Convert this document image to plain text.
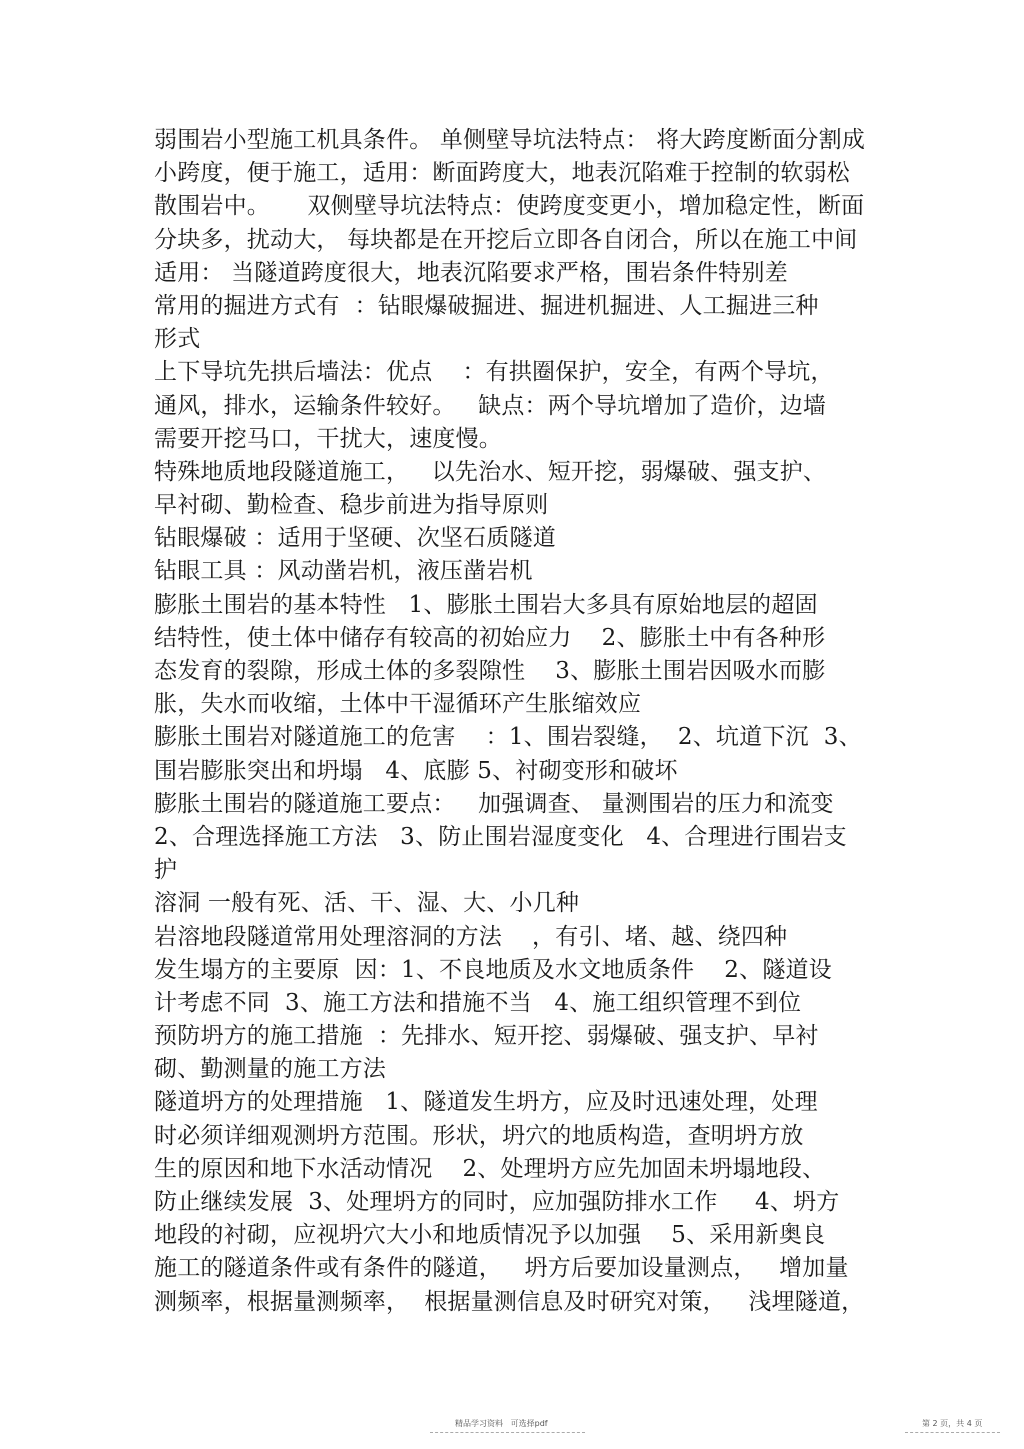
弱围岩小型施工机具条件。 单侧壁导坑法特点： 将大跨度断面分割成
小跨度，便于施工，适用：断面跨度大，地表沉陷难于控制的软弱松
散围岩中。     双侧壁导坑法特点：使跨度变更小，增加稳定性，断面
分块多，扰动大， 每块都是在开挖后立即各自闭合，所以在施工中间
适用： 当隧道跨度很大，地表沉陷要求严格，围岩条件特别差
常用的掘进方式有  ：钻眼爆破掘进、掘进机掘进、人工掘进三种
形式
上下导坑先拱后墙法：优点    ：有拱圈保护，安全，有两个导坑，
通风，排水，运输条件较好。   缺点：两个导坑增加了造价，边墙
需要开挖马口，干扰大，速度慢。
特殊地质地段隧道施工，   以先治水、短开挖，弱爆破、强支护、
早衬砌、勤检查、稳步前进为指导原则
钻眼爆破 ：适用于坚硬、次坚石质隧道
钻眼工具 ：风动凿岩机，液压凿岩机
膨胀土围岩的基本特性   1、膨胀土围岩大多具有原始地层的超固
结特性，使土体中储存有较高的初始应力    2、膨胀土中有各种形
态发育的裂隙，形成土体的多裂隙性    3、膨胀土围岩因吸水而膨
胀，失水而收缩，土体中干湿循环产生胀缩效应
膨胀土围岩对隧道施工的危害    ：1、围岩裂缝，  2、坑道下沉  3、
围岩膨胀突出和坍塌   4、底膨 5、衬砌变形和破坏
膨胀土围岩的隧道施工要点：   加强调查、 量测围岩的压力和流变
2、合理选择施工方法   3、防止围岩湿度变化   4、合理进行围岩支
护
溶洞 一般有死、活、干、湿、大、小几种
岩溶地段隧道常用处理溶洞的方法    ，有引、堵、越、绕四种
发生塌方的主要原  因：1、不良地质及水文地质条件    2、隧道设
计考虑不同  3、施工方法和措施不当   4、施工组织管理不到位
预防坍方的施工措施  ：先排水、短开挖、弱爆破、强支护、早衬
砌、勤测量的施工方法
隧道坍方的处理措施   1、隧道发生坍方，应及时迅速处理，处理
时必须详细观测坍方范围。形状，坍穴的地质构造，查明坍方放
生的原因和地下水活动情况    2、处理坍方应先加固未坍塌地段、
防止继续发展  3、处理坍方的同时，应加强防排水工作     4、坍方
地段的衬砌，应视坍穴大小和地质情况予以加强    5、采用新奥良
施工的隧道条件或有条件的隧道，   坍方后要加设量测点，   增加量
测频率，根据量测频率，  根据量测信息及时研究对策，   浅埋隧道，
精品学习资料   可选择pdf	第 2 页，共 4 页
